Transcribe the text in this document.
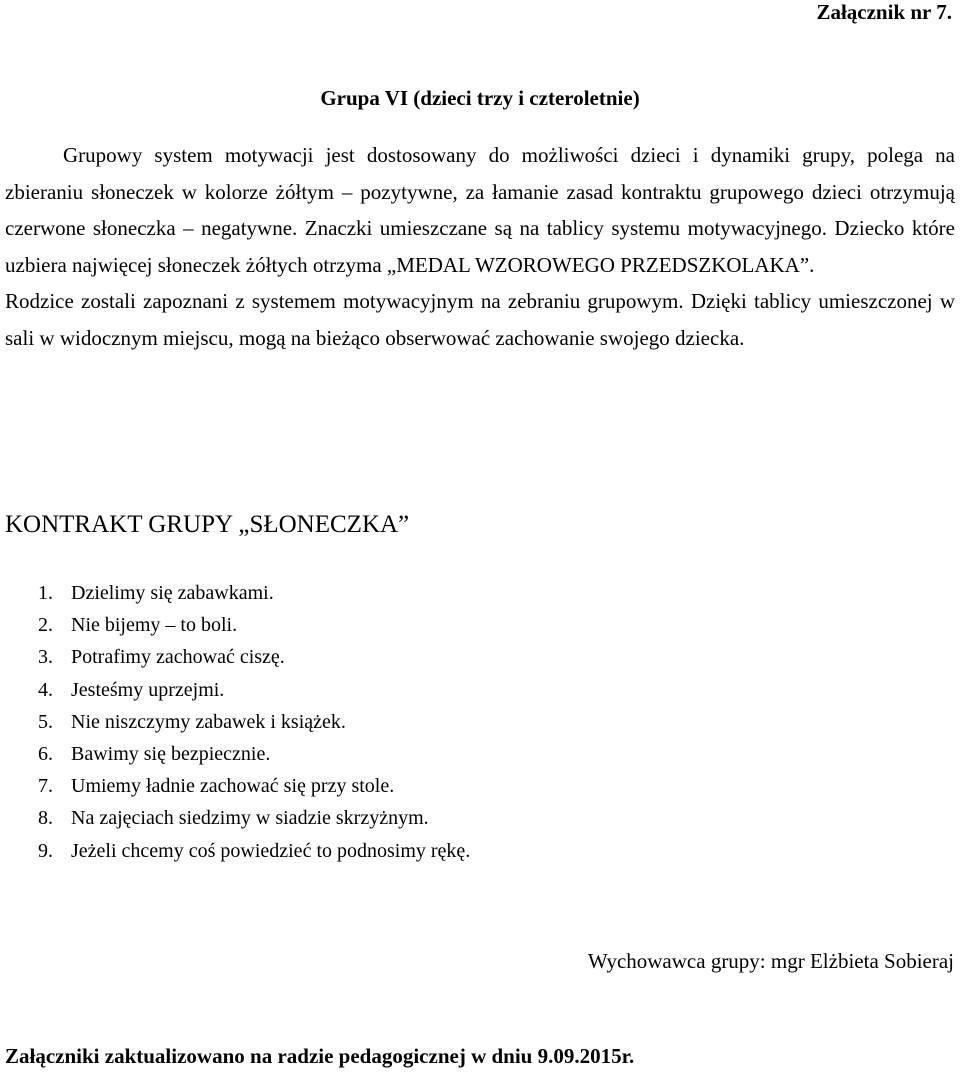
Załącznik nr 7.
Grupa VI (dzieci trzy i czteroletnie)

Grupowy system motywacji jest dostosowany do możliwości dzieci i dynamiki grupy, polega na zbieraniu słoneczek w kolorze żółtym – pozytywne, za łamanie zasad kontraktu grupowego dzieci otrzymują czerwone słoneczka – negatywne. Znaczki umieszczane są na tablicy systemu motywacyjnego. Dziecko które uzbiera najwięcej słoneczek żółtych otrzyma „MEDAL WZOROWEGO PRZEDSZKOLAKA”.
Rodzice zostali zapoznani z systemem motywacyjnym na zebraniu grupowym. Dzięki tablicy umieszczonej w sali w widocznym miejscu, mogą na bieżąco obserwować zachowanie swojego dziecka.

KONTRAKT GRUPY „SŁONECZKA”
1. Dzielimy się zabawkami.
2. Nie bijemy – to boli.
3. Potrafimy zachować ciszę.
4. Jesteśmy uprzejmi.
5. Nie niszczymy zabawek i książek.
6. Bawimy się bezpiecznie.
7. Umiemy ładnie zachować się przy stole.
8. Na zajęciach siedzimy w siadzie skrzyżnym.
9. Jeżeli chcemy coś powiedzieć to podnosimy rękę.
Wychowawca grupy: mgr Elżbieta Sobieraj
Załączniki zaktualizowano na radzie pedagogicznej w dniu 9.09.2015r.
